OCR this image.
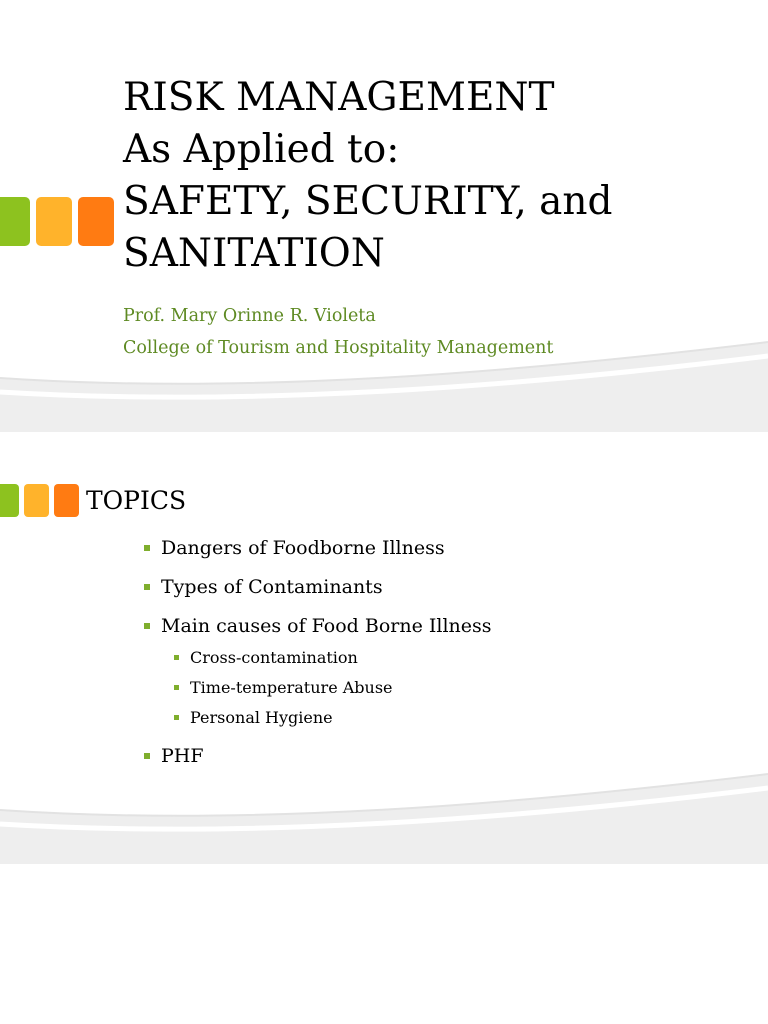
RISK MANAGEMENT
As Applied to:
SAFETY, SECURITY, and
SANITATION
Prof. Mary Orinne R. Violeta
College of Tourism and Hospitality Management
TOPICS
Dangers of Foodborne Illness
Types of Contaminants
Main causes of Food Borne Illness
Cross-contamination
Time-temperature Abuse
Personal Hygiene
PHF
